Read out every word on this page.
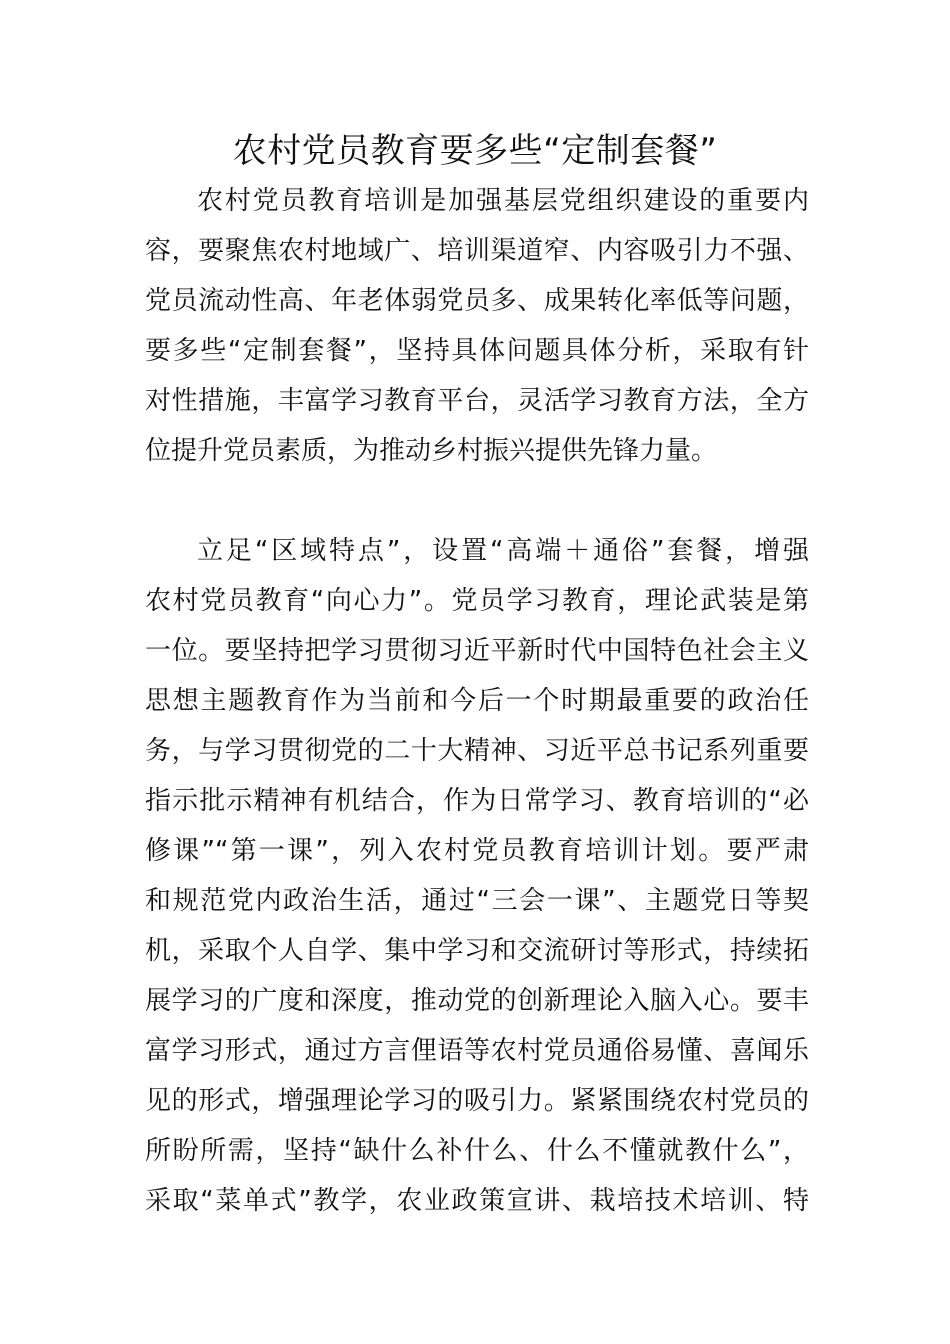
农村党员教育要多些“定制套餐”
农村党员教育培训是加强基层党组织建设的重要内
容，要聚焦农村地域广、培训渠道窄、内容吸引力不强、
党员流动性高、年老体弱党员多、成果转化率低等问题，
要多些“定制套餐”，坚持具体问题具体分析，采取有针
对性措施，丰富学习教育平台，灵活学习教育方法，全方
位提升党员素质，为推动乡村振兴提供先锋力量。
立足“区域特点”，设置“高端＋通俗”套餐，增强
农村党员教育“向心力”。党员学习教育，理论武装是第
一位。要坚持把学习贯彻习近平新时代中国特色社会主义
思想主题教育作为当前和今后一个时期最重要的政治任
务，与学习贯彻党的二十大精神、习近平总书记系列重要
指示批示精神有机结合，作为日常学习、教育培训的“必
修课”“第一课”，列入农村党员教育培训计划。要严肃
和规范党内政治生活，通过“三会一课”、主题党日等契
机，采取个人自学、集中学习和交流研讨等形式，持续拓
展学习的广度和深度，推动党的创新理论入脑入心。要丰
富学习形式，通过方言俚语等农村党员通俗易懂、喜闻乐
见的形式，增强理论学习的吸引力。紧紧围绕农村党员的
所盼所需，坚持“缺什么补什么、什么不懂就教什么”，
采取“菜单式”教学，农业政策宣讲、栽培技术培训、特
